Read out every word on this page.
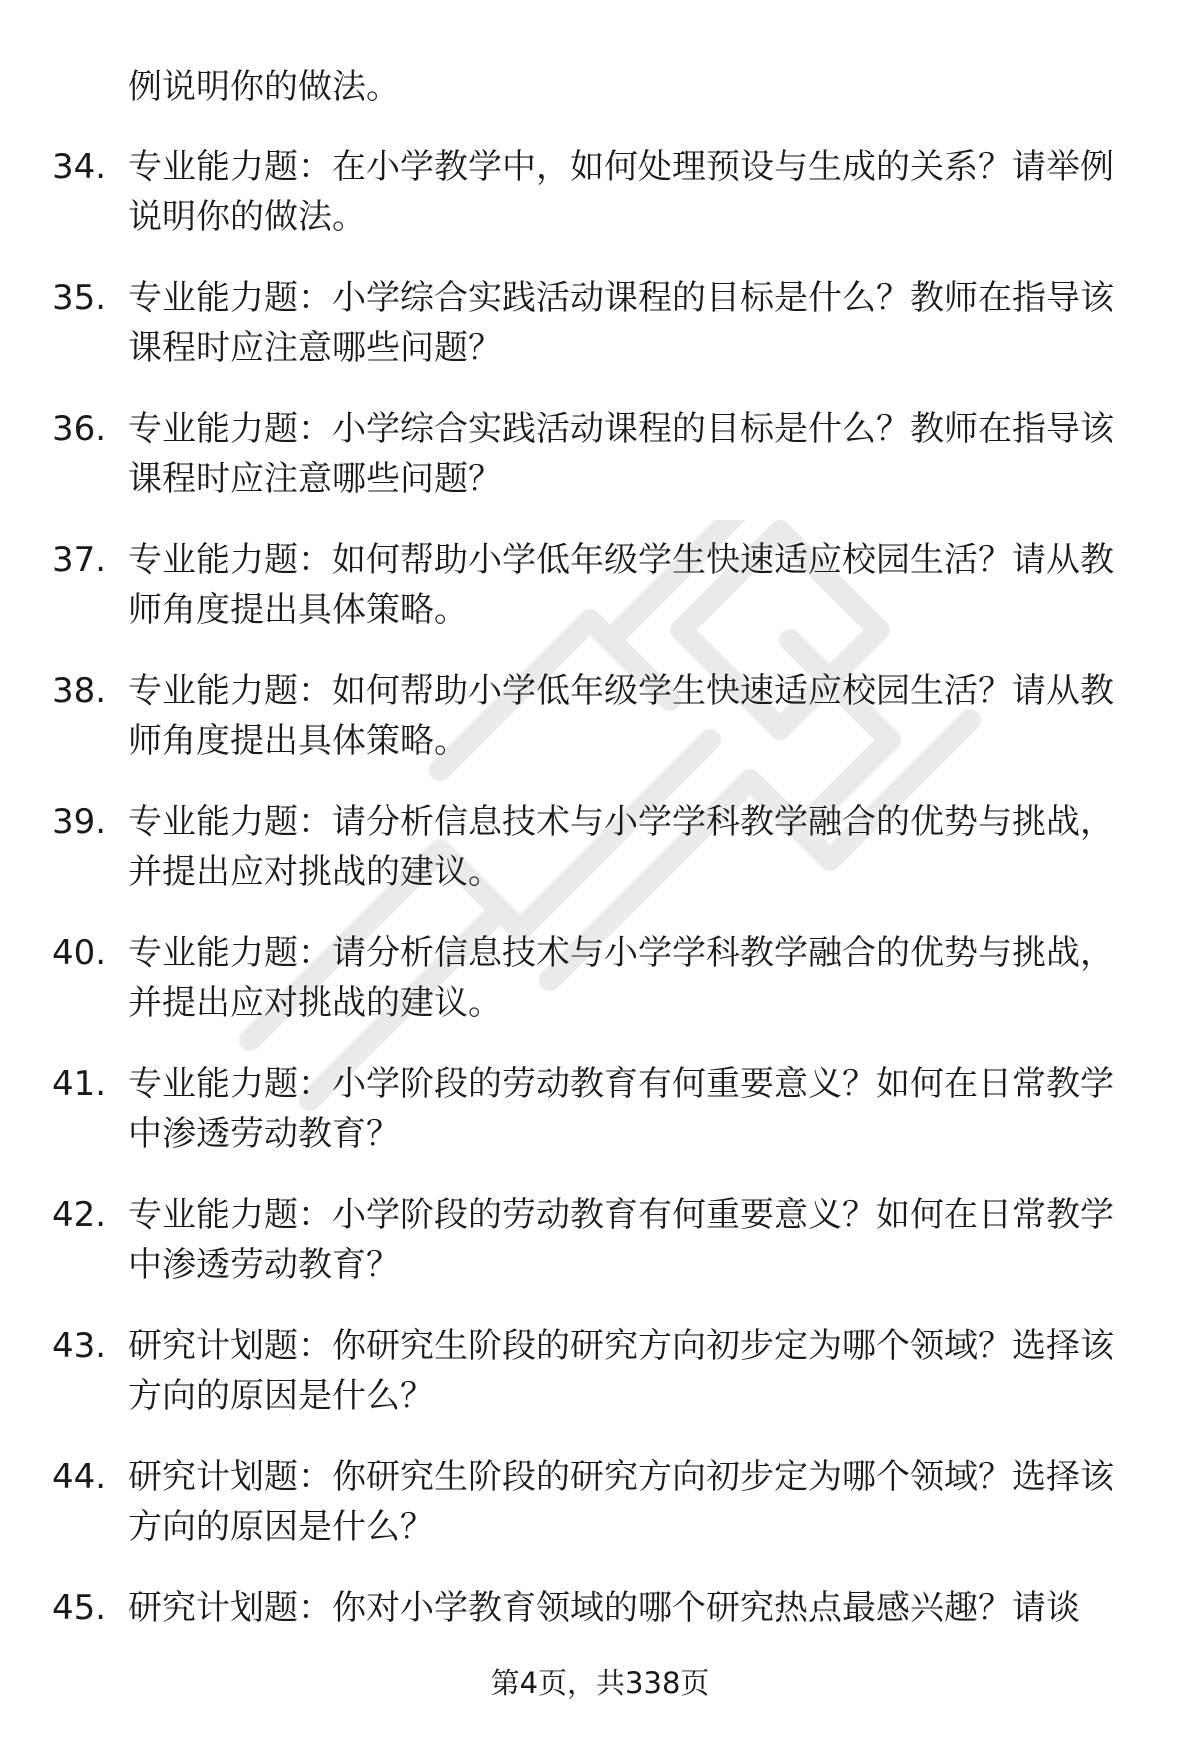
例说明你的做法。

34. 专业能力题：在小学教学中，如何处理预设与生成的关系？请举例说明你的做法。

35. 专业能力题：小学综合实践活动课程的目标是什么？教师在指导该课程时应注意哪些问题？

36. 专业能力题：小学综合实践活动课程的目标是什么？教师在指导该课程时应注意哪些问题？

37. 专业能力题：如何帮助小学低年级学生快速适应校园生活？请从教师角度提出具体策略。

38. 专业能力题：如何帮助小学低年级学生快速适应校园生活？请从教师角度提出具体策略。

39. 专业能力题：请分析信息技术与小学学科教学融合的优势与挑战，并提出应对挑战的建议。

40. 专业能力题：请分析信息技术与小学学科教学融合的优势与挑战，并提出应对挑战的建议。

41. 专业能力题：小学阶段的劳动教育有何重要意义？如何在日常教学中渗透劳动教育？

42. 专业能力题：小学阶段的劳动教育有何重要意义？如何在日常教学中渗透劳动教育？

43. 研究计划题：你研究生阶段的研究方向初步定为哪个领域？选择该方向的原因是什么？

44. 研究计划题：你研究生阶段的研究方向初步定为哪个领域？选择该方向的原因是什么？

45. 研究计划题：你对小学教育领域的哪个研究热点最感兴趣？请谈

第4页，共338页
